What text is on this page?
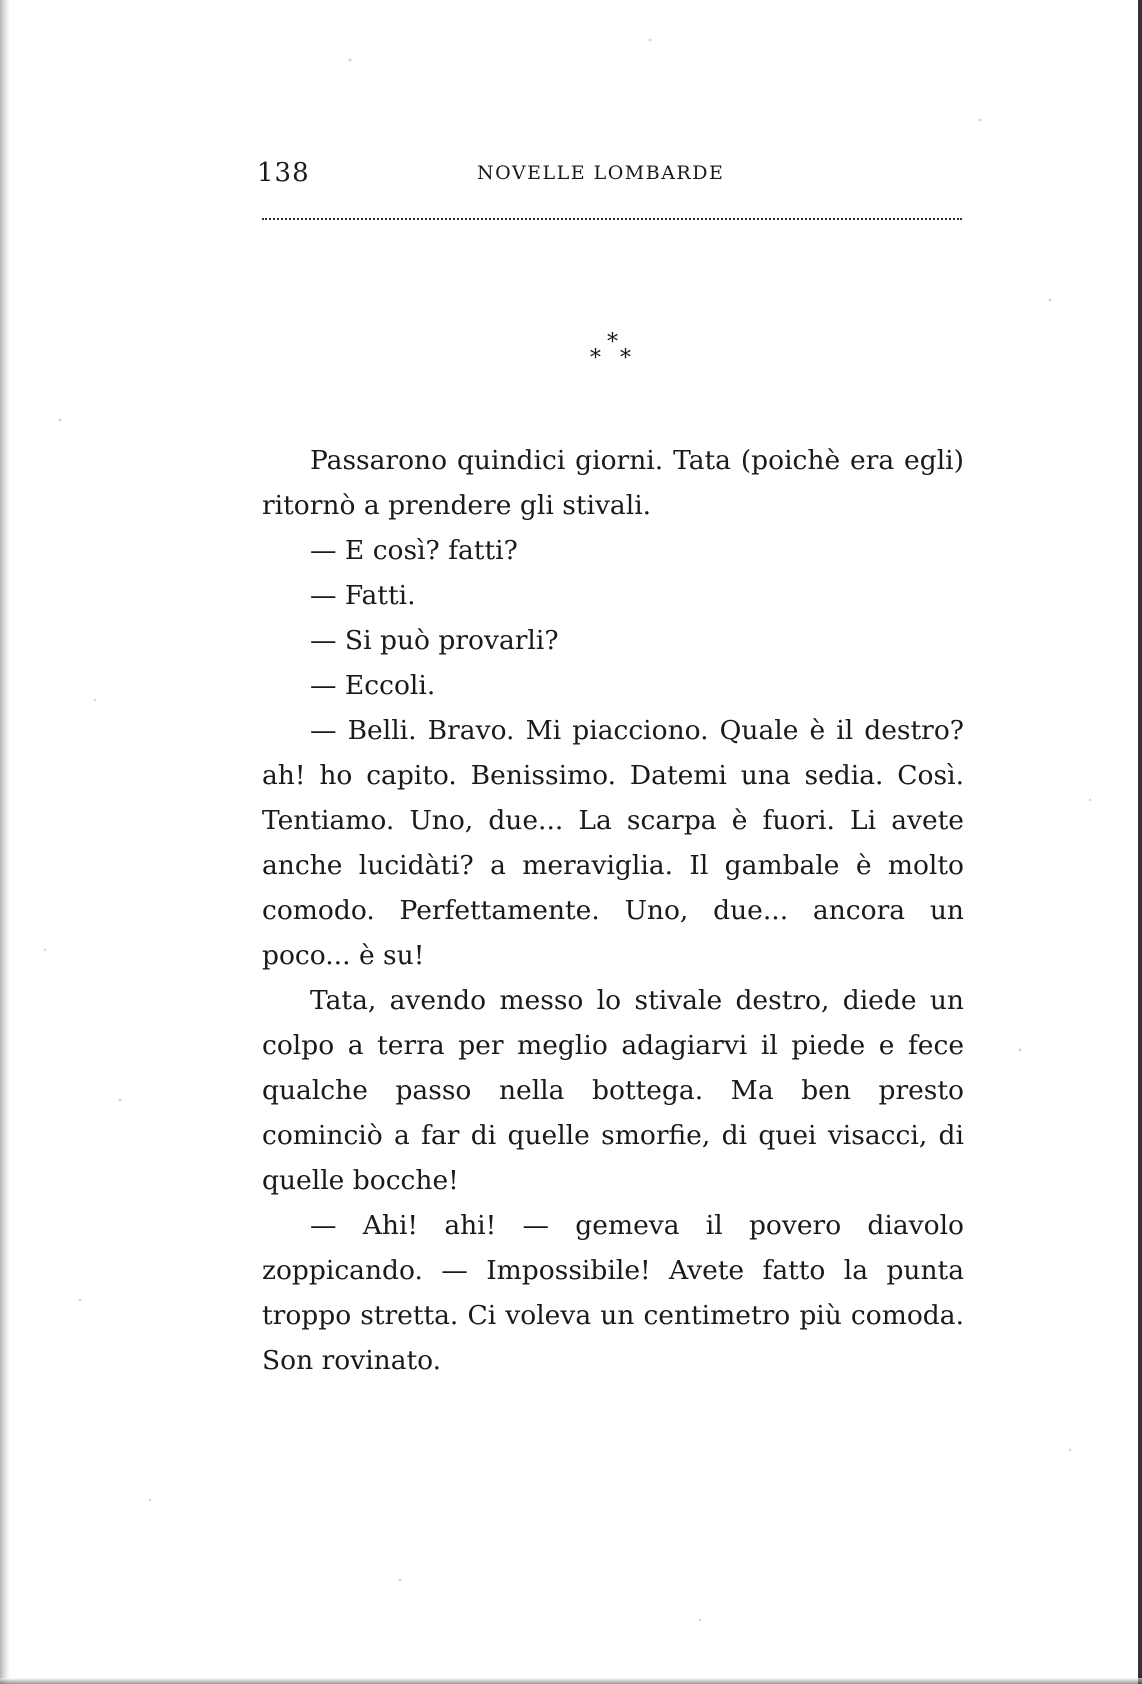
138	NOVELLE LOMBARDE
*
* *

Passarono quindici giorni. Tata (poichè era egli) ritornò a prendere gli stivali.

— E così? fatti?

— Fatti.

— Si può provarli?

— Eccoli.

— Belli. Bravo. Mi piacciono. Quale è il destro? ah! ho capito. Benissimo. Datemi una sedia. Così. Tentiamo. Uno, due... La scarpa è fuori. Li avete anche lucidàti? a meraviglia. Il gambale è molto comodo. Perfettamente. Uno, due... ancora un poco... è su!

Tata, avendo messo lo stivale destro, diede un colpo a terra per meglio adagiarvi il piede e fece qualche passo nella bottega. Ma ben presto cominciò a far di quelle smorfie, di quei visacci, di quelle bocche!

— Ahi! ahi! — gemeva il povero diavolo zoppicando. — Impossibile! Avete fatto la punta troppo stretta. Ci voleva un centimetro più comoda. Son rovinato.
